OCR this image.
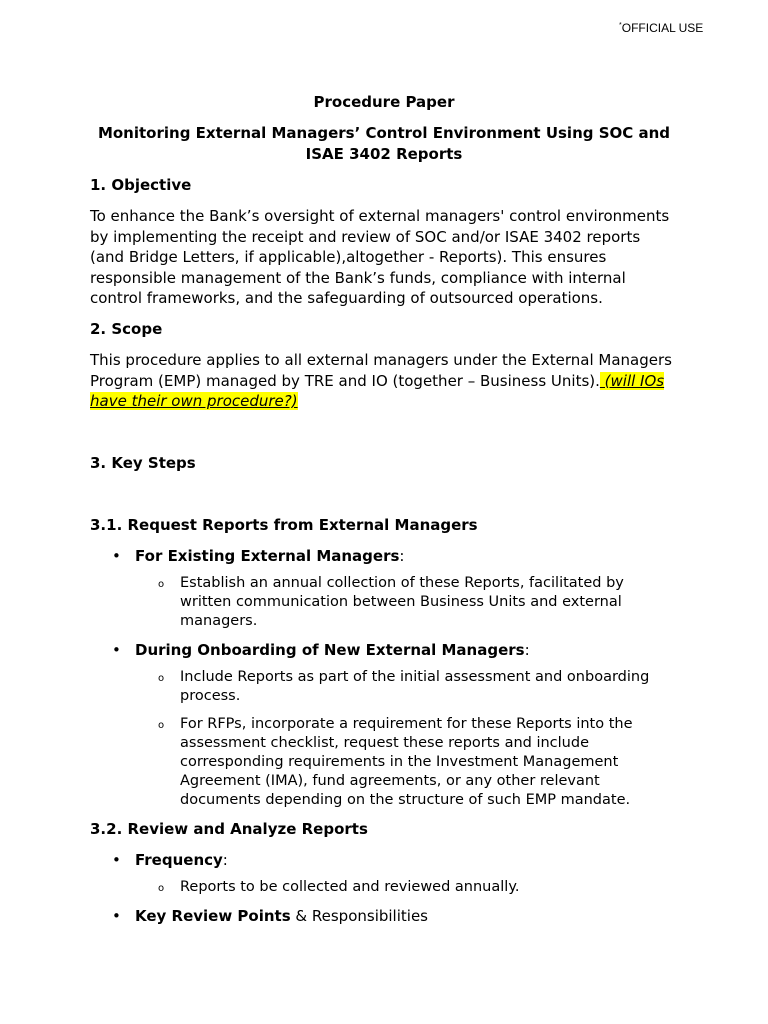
*OFFICIAL USE
Procedure Paper
Monitoring External Managers’ Control Environment Using SOC and ISAE 3402 Reports
1. Objective
To enhance the Bank’s oversight of external managers' control environments by implementing the receipt and review of SOC and/or ISAE 3402 reports (and Bridge Letters, if applicable),altogether - Reports). This ensures responsible management of the Bank’s funds, compliance with internal control frameworks, and the safeguarding of outsourced operations.
2. Scope
This procedure applies to all external managers under the External Managers Program (EMP) managed by TRE and IO (together – Business Units). (will IOs have their own procedure?)
3. Key Steps
3.1. Request Reports from External Managers
• For Existing External Managers:
o Establish an annual collection of these Reports, facilitated by written communication between Business Units and external managers.
• During Onboarding of New External Managers:
o Include Reports as part of the initial assessment and onboarding process.
o For RFPs, incorporate a requirement for these Reports into the assessment checklist, request these reports and include corresponding requirements in the Investment Management Agreement (IMA), fund agreements, or any other relevant documents depending on the structure of such EMP mandate.
3.2. Review and Analyze Reports
• Frequency:
o Reports to be collected and reviewed annually.
• Key Review Points & Responsibilities
